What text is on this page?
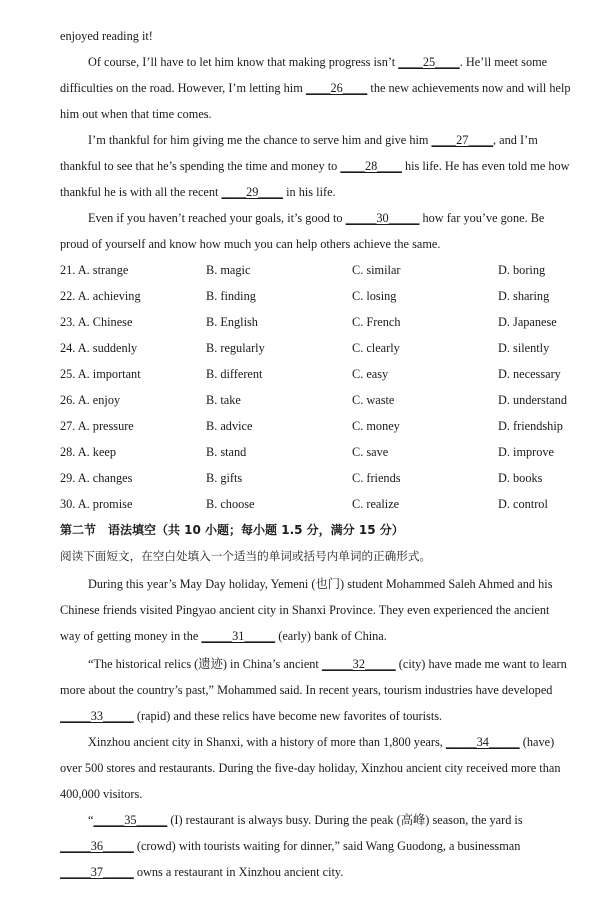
enjoyed reading it!
Of course, I’ll have to let him know that making progress isn’t ____25____. He’ll meet some
difficulties on the road. However, I’m letting him ____26____ the new achievements now and will help
him out when that time comes.
I’m thankful for him giving me the chance to serve him and give him ____27____, and I’m
thankful to see that he’s spending the time and money to ____28____ his life. He has even told me how
thankful he is with all the recent ____29____ in his life.
Even if you haven’t reached your goals, it’s good to _____30_____ how far you’ve gone. Be
proud of yourself and know how much you can help others achieve the same.
21. A. strange	B. magic	C. similar	D. boring
22. A. achieving	B. finding	C. losing	D. sharing
23. A. Chinese	B. English	C. French	D. Japanese
24. A. suddenly	B. regularly	C. clearly	D. silently
25. A. important	B. different	C. easy	D. necessary
26. A. enjoy	B. take	C. waste	D. understand
27. A. pressure	B. advice	C. money	D. friendship
28. A. keep	B. stand	C. save	D. improve
29. A. changes	B. gifts	C. friends	D. books
30. A. promise	B. choose	C. realize	D. control
第二节　语法填空（共 10 小题；每小题 1.5 分，满分 15 分）
阅读下面短文，在空白处填入一个适当的单词或括号内单词的正确形式。
During this year’s May Day holiday, Yemeni (也门) student Mohammed Saleh Ahmed and his
Chinese friends visited Pingyao ancient city in Shanxi Province. They even experienced the ancient
way of getting money in the _____31_____ (early) bank of China.
“The historical relics (遗迹) in China’s ancient _____32_____ (city) have made me want to learn
more about the country’s past,” Mohammed said. In recent years, tourism industries have developed
_____33_____ (rapid) and these relics have become new favorites of tourists.
Xinzhou ancient city in Shanxi, with a history of more than 1,800 years, _____34_____ (have)
over 500 stores and restaurants. During the five-day holiday, Xinzhou ancient city received more than
400,000 visitors.
“_____35_____ (I) restaurant is always busy. During the peak (高峰) season, the yard is
_____36_____ (crowd) with tourists waiting for dinner,” said Wang Guodong, a businessman
_____37_____ owns a restaurant in Xinzhou ancient city.
